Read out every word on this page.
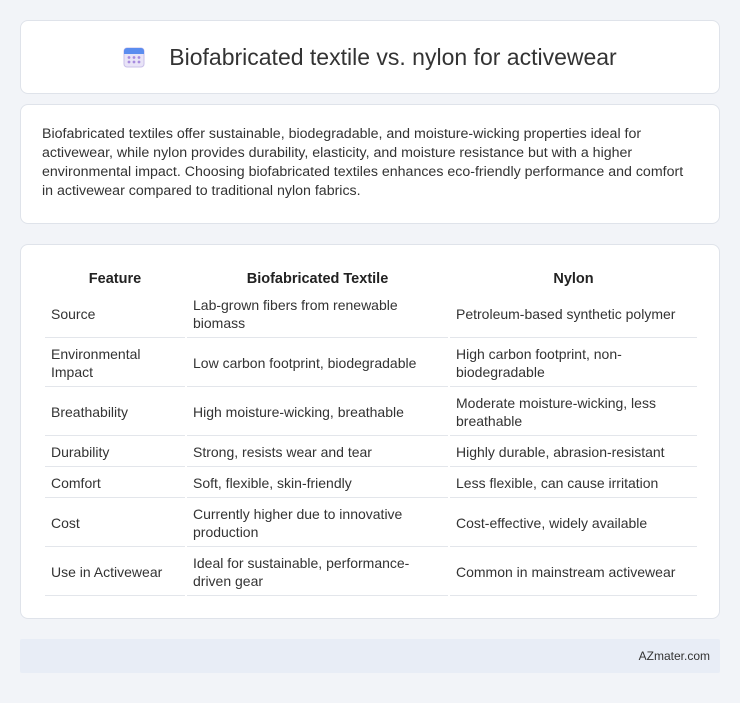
Biofabricated textile vs. nylon for activewear

Biofabricated textiles offer sustainable, biodegradable, and moisture-wicking properties ideal for activewear, while nylon provides durability, elasticity, and moisture resistance but with a higher environmental impact. Choosing biofabricated textiles enhances eco-friendly performance and comfort in activewear compared to traditional nylon fabrics.

Feature	Biofabricated Textile	Nylon
Source	Lab-grown fibers from renewable biomass	Petroleum-based synthetic polymer
Environmental Impact	Low carbon footprint, biodegradable	High carbon footprint, non-biodegradable
Breathability	High moisture-wicking, breathable	Moderate moisture-wicking, less breathable
Durability	Strong, resists wear and tear	Highly durable, abrasion-resistant
Comfort	Soft, flexible, skin-friendly	Less flexible, can cause irritation
Cost	Currently higher due to innovative production	Cost-effective, widely available
Use in Activewear	Ideal for sustainable, performance-driven gear	Common in mainstream activewear
AZmater.com
